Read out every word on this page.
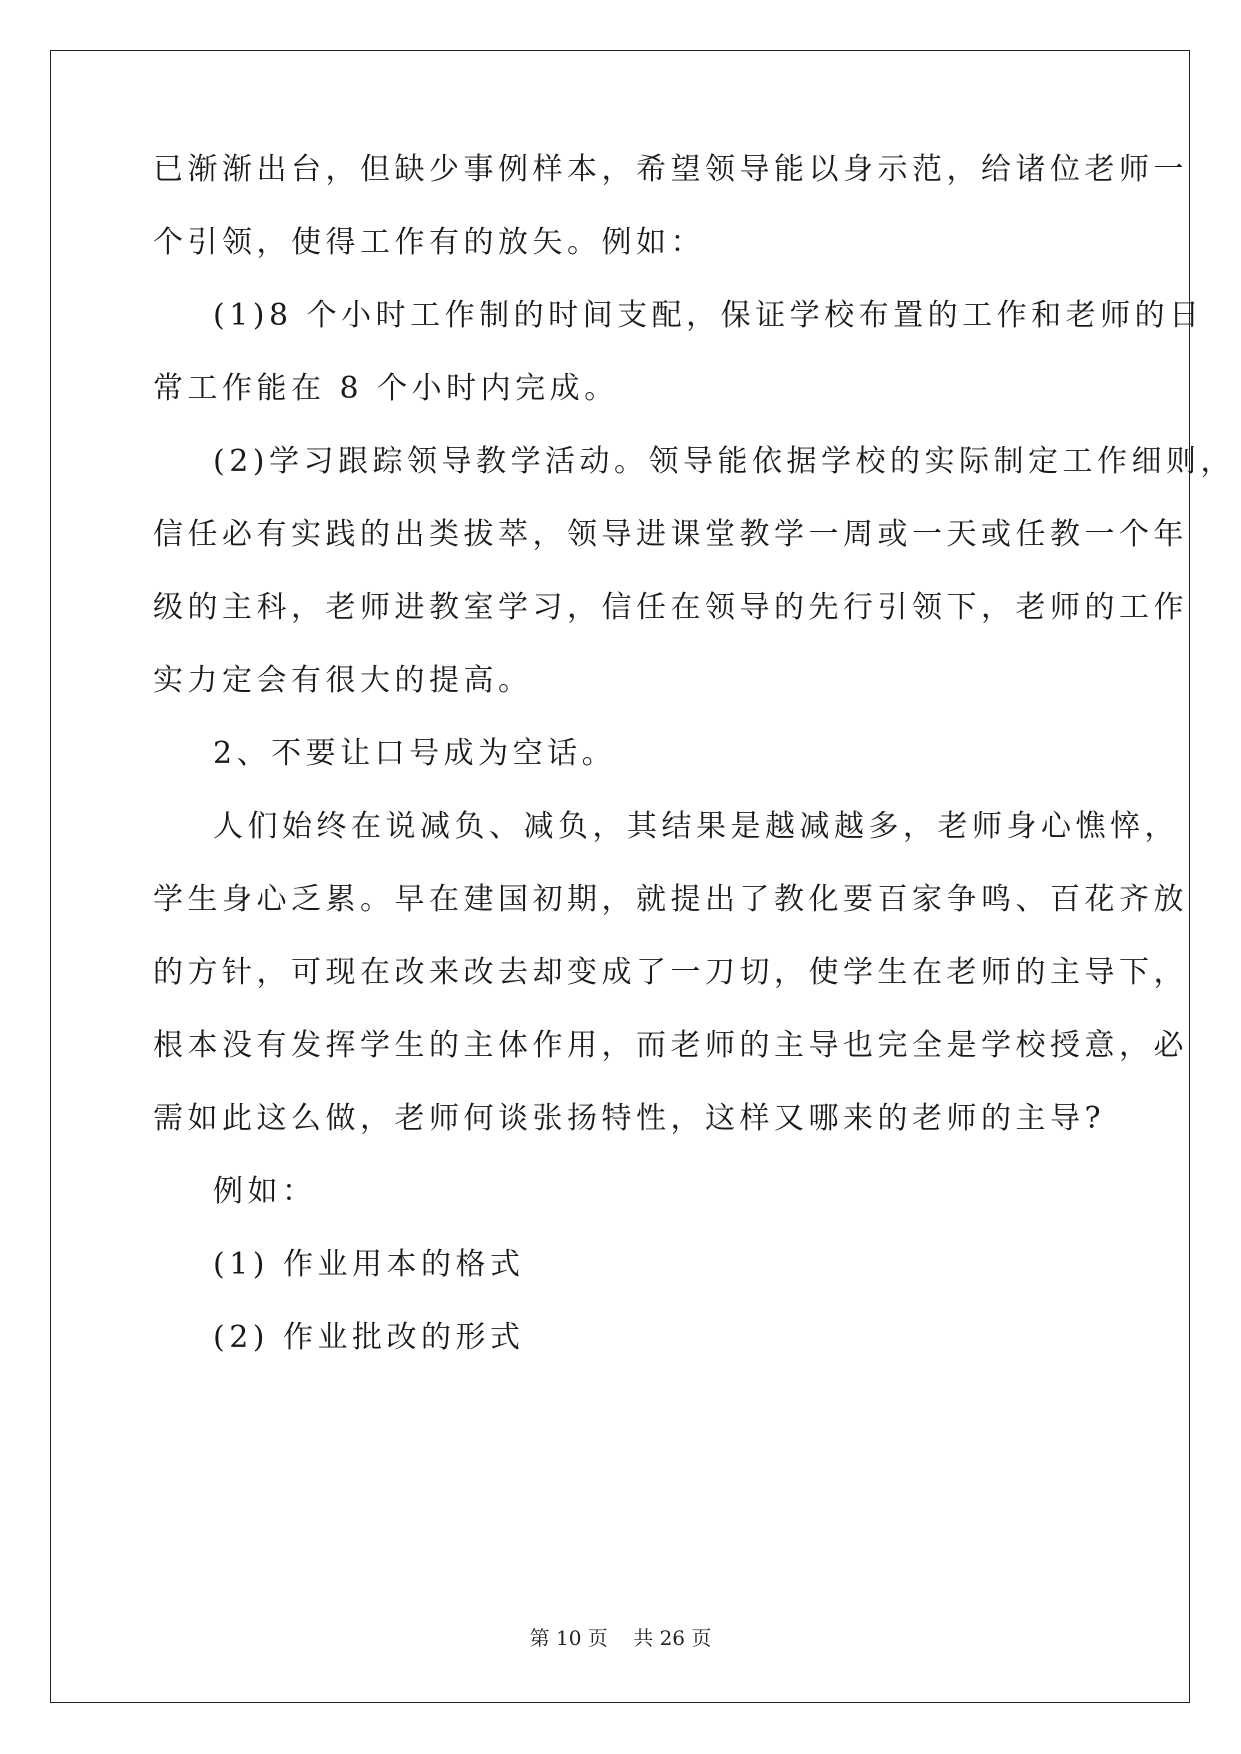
已渐渐出台，但缺少事例样本，希望领导能以身示范，给诸位老师一
个引领，使得工作有的放矢。例如：
(1)8 个小时工作制的时间支配，保证学校布置的工作和老师的日
常工作能在 8 个小时内完成。
(2)学习跟踪领导教学活动。领导能依据学校的实际制定工作细则，
信任必有实践的出类拔萃，领导进课堂教学一周或一天或任教一个年
级的主科，老师进教室学习，信任在领导的先行引领下，老师的工作
实力定会有很大的提高。
2、不要让口号成为空话。
人们始终在说减负、减负，其结果是越减越多，老师身心憔悴，
学生身心乏累。早在建国初期，就提出了教化要百家争鸣、百花齐放
的方针，可现在改来改去却变成了一刀切，使学生在老师的主导下，
根本没有发挥学生的主体作用，而老师的主导也完全是学校授意，必
需如此这么做，老师何谈张扬特性，这样又哪来的老师的主导?
例如：
(1) 作业用本的格式
(2) 作业批改的形式
第 10 页 共 26 页
